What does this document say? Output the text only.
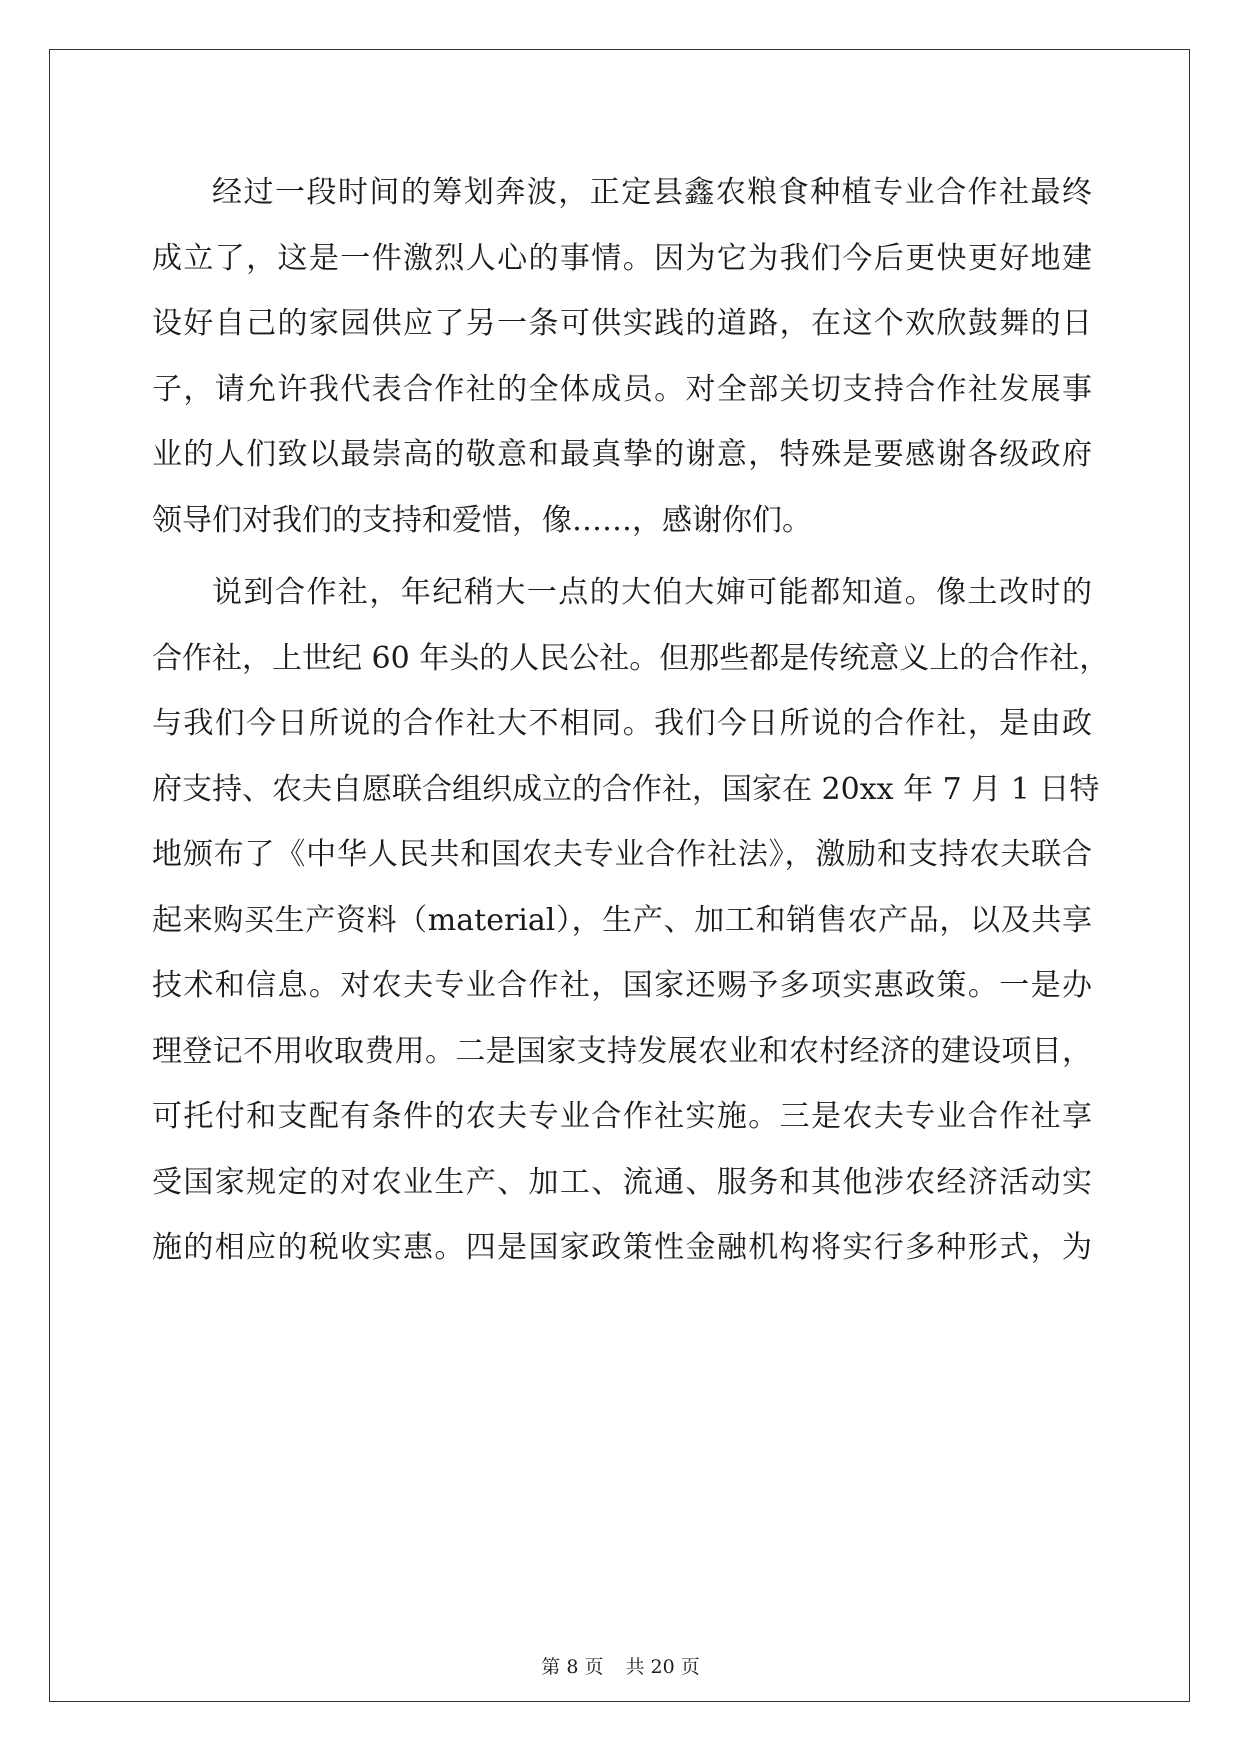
经过一段时间的筹划奔波，正定县鑫农粮食种植专业合作社最终
成立了，这是一件激烈人心的事情。因为它为我们今后更快更好地建
设好自己的家园供应了另一条可供实践的道路，在这个欢欣鼓舞的日
子，请允许我代表合作社的全体成员。对全部关切支持合作社发展事
业的人们致以最崇高的敬意和最真挚的谢意，特殊是要感谢各级政府
领导们对我们的支持和爱惜，像……，感谢你们。
说到合作社，年纪稍大一点的大伯大婶可能都知道。像土改时的
合作社，上世纪 60 年头的人民公社。但那些都是传统意义上的合作社，
与我们今日所说的合作社大不相同。我们今日所说的合作社，是由政
府支持、农夫自愿联合组织成立的合作社，国家在 20xx 年 7 月 1 日特
地颁布了《中华人民共和国农夫专业合作社法》，激励和支持农夫联合
起来购买生产资料（material），生产、加工和销售农产品，以及共享
技术和信息。对农夫专业合作社，国家还赐予多项实惠政策。一是办
理登记不用收取费用。二是国家支持发展农业和农村经济的建设项目，
可托付和支配有条件的农夫专业合作社实施。三是农夫专业合作社享
受国家规定的对农业生产、加工、流通、服务和其他涉农经济活动实
施的相应的税收实惠。四是国家政策性金融机构将实行多种形式，为
第 8 页 共 20 页
